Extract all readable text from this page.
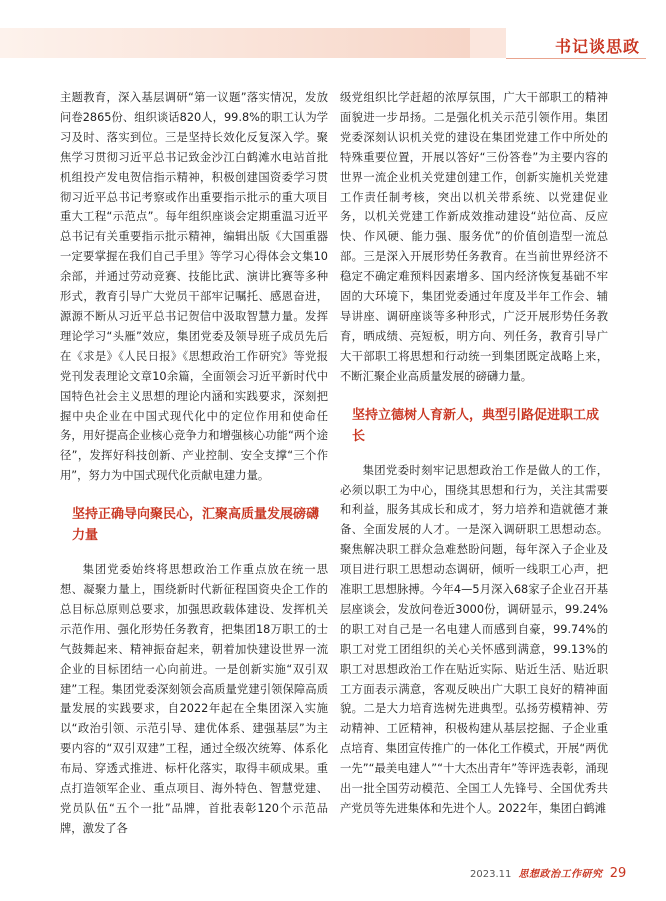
书记谈思政

主题教育，深入基层调研“第一议题”落实情况，发放问卷2865份、组织谈话820人，99.8%的职工认为学习及时、落实到位。三是坚持长效化反复深入学。聚焦学习贯彻习近平总书记致金沙江白鹤滩水电站首批机组投产发电贺信指示精神，积极创建国资委学习贯彻习近平总书记考察或作出重要指示批示的重大项目重大工程“示范点”。每年组织座谈会定期重温习近平总书记有关重要指示批示精神，编辑出版《大国重器一定要掌握在我们自己手里》等学习心得体会文集10余部，并通过劳动竞赛、技能比武、演讲比赛等多种形式，教育引导广大党员干部牢记嘱托、感恩奋进，源源不断从习近平总书记贺信中汲取智慧力量。发挥理论学习“头雁”效应，集团党委及领导班子成员先后在《求是》《人民日报》《思想政治工作研究》等党报党刊发表理论文章10余篇，全面领会习近平新时代中国特色社会主义思想的理论内涵和实践要求，深刻把握中央企业在中国式现代化中的定位作用和使命任务，用好提高企业核心竞争力和增强核心功能“两个途径”，发挥好科技创新、产业控制、安全支撑“三个作用”，努力为中国式现代化贡献电建力量。

坚持正确导向聚民心，汇聚高质量发展磅礴力量

集团党委始终将思想政治工作重点放在统一思想、凝聚力量上，围绕新时代新征程国资央企工作的总目标总原则总要求，加强思政载体建设、发挥机关示范作用、强化形势任务教育，把集团18万职工的士气鼓舞起来、精神振奋起来，朝着加快建设世界一流企业的目标团结一心向前进。一是创新实施“双引双建”工程。集团党委深刻领会高质量党建引领保障高质量发展的实践要求，自2022年起在全集团深入实施以“政治引领、示范引导、建优体系、建强基层”为主要内容的“双引双建”工程，通过全级次统筹、体系化布局、穿透式推进、标杆化落实，取得丰硕成果。重点打造领军企业、重点项目、海外特色、智慧党建、党员队伍“五个一批”品牌，首批表彰120个示范品牌，激发了各

级党组织比学赶超的浓厚氛围，广大干部职工的精神面貌进一步昂扬。二是强化机关示范引领作用。集团党委深刻认识机关党的建设在集团党建工作中所处的特殊重要位置，开展以答好“三份答卷”为主要内容的世界一流企业机关党建创建工作，创新实施机关党建工作责任制考核，突出以机关带系统、以党建促业务，以机关党建工作新成效推动建设“站位高、反应快、作风硬、能力强、服务优”的价值创造型一流总部。三是深入开展形势任务教育。在当前世界经济不稳定不确定难预料因素增多、国内经济恢复基础不牢固的大环境下，集团党委通过年度及半年工作会、辅导讲座、调研座谈等多种形式，广泛开展形势任务教育，晒成绩、亮短板，明方向、列任务，教育引导广大干部职工将思想和行动统一到集团既定战略上来，不断汇聚企业高质量发展的磅礴力量。

坚持立德树人育新人，典型引路促进职工成长

集团党委时刻牢记思想政治工作是做人的工作，必须以职工为中心，围绕其思想和行为，关注其需要和利益，服务其成长和成才，努力培养和造就德才兼备、全面发展的人才。一是深入调研职工思想动态。聚焦解决职工群众急难愁盼问题，每年深入子企业及项目进行职工思想动态调研，倾听一线职工心声，把准职工思想脉搏。今年4—5月深入68家子企业召开基层座谈会，发放问卷近3000份，调研显示，99.24%的职工对自己是一名电建人而感到自豪，99.74%的职工对党工团组织的关心关怀感到满意，99.13%的职工对思想政治工作在贴近实际、贴近生活、贴近职工方面表示满意，客观反映出广大职工良好的精神面貌。二是大力培育选树先进典型。弘扬劳模精神、劳动精神、工匠精神，积极构建从基层挖掘、子企业重点培育、集团宣传推广的一体化工作模式，开展“两优一先”“最美电建人”“十大杰出青年”等评选表彰，涌现出一批全国劳动模范、全国工人先锋号、全国优秀共产党员等先进集体和先进个人。2022年，集团白鹤滩

2023.11 思想政治工作研究 29
